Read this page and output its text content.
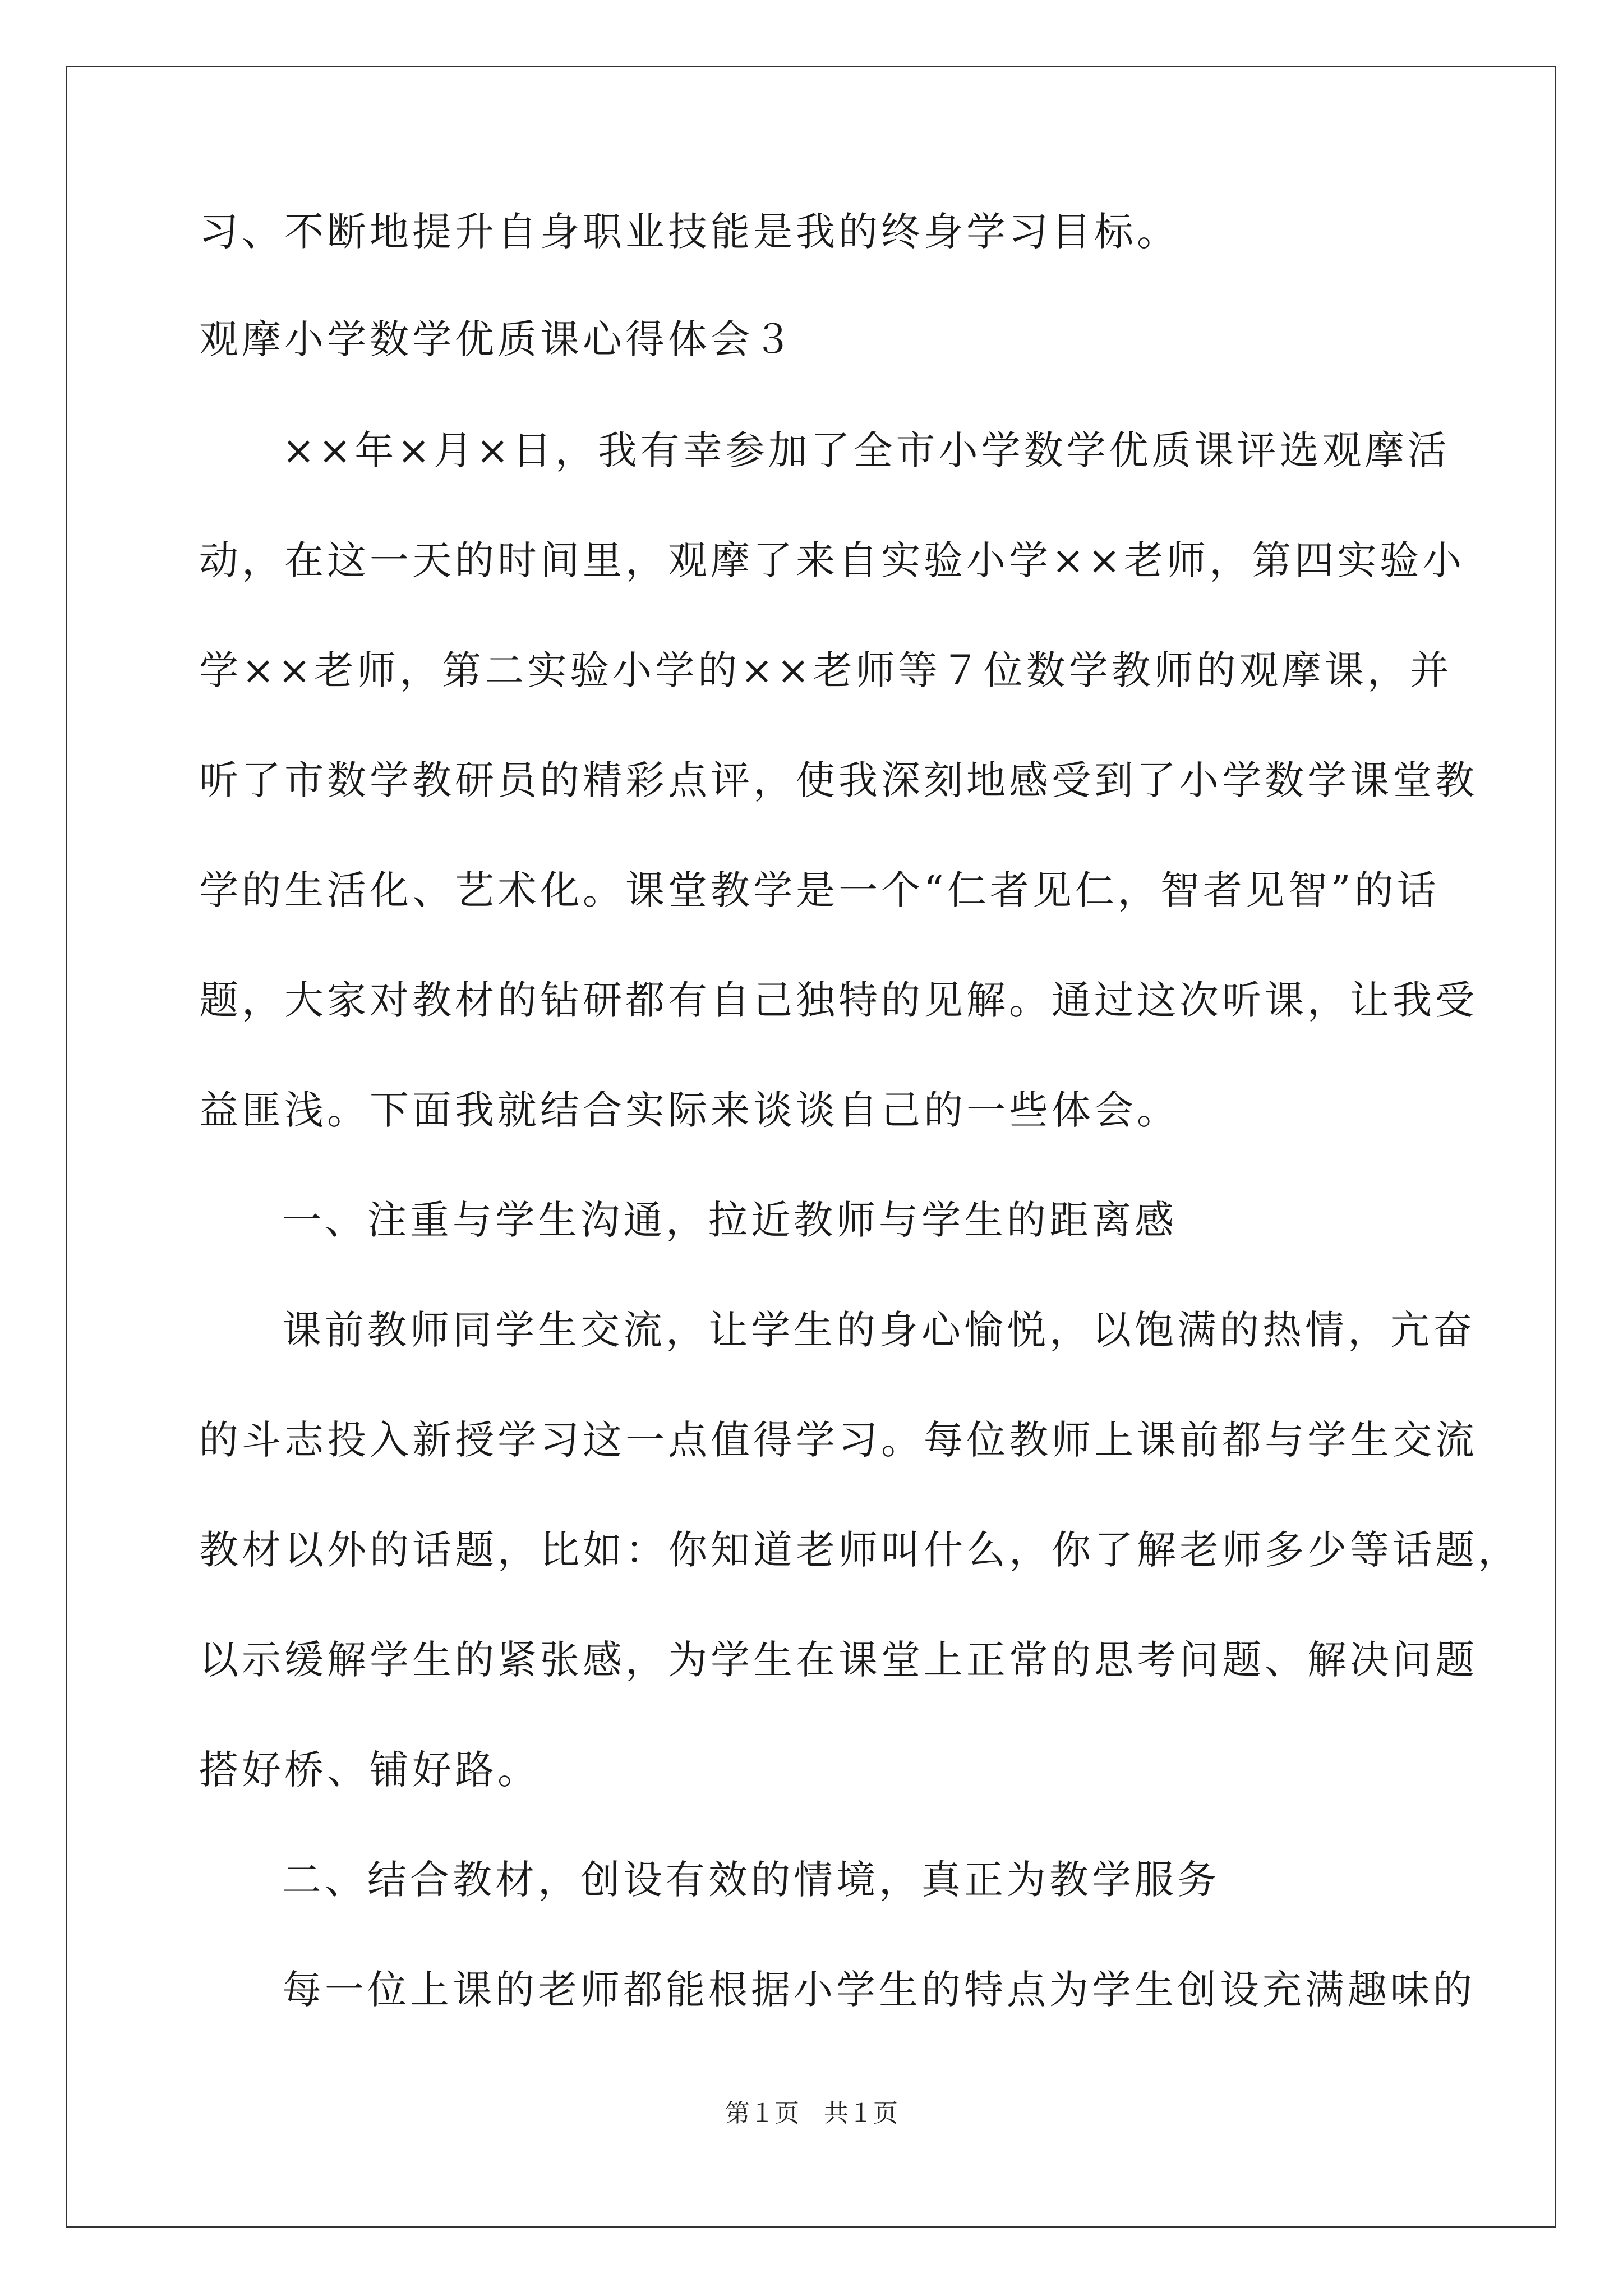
习、不断地提升自身职业技能是我的终身学习目标。
观摩小学数学优质课心得体会３
××年×月×日，我有幸参加了全市小学数学优质课评选观摩活
动，在这一天的时间里，观摩了来自实验小学××老师，第四实验小
学××老师，第二实验小学的××老师等７位数学教师的观摩课，并
听了市数学教研员的精彩点评，使我深刻地感受到了小学数学课堂教
学的生活化、艺术化。课堂教学是一个“仁者见仁，智者见智”的话
题，大家对教材的钻研都有自己独特的见解。通过这次听课，让我受
益匪浅。下面我就结合实际来谈谈自己的一些体会。
一、注重与学生沟通，拉近教师与学生的距离感
课前教师同学生交流，让学生的身心愉悦，以饱满的热情，亢奋
的斗志投入新授学习这一点值得学习。每位教师上课前都与学生交流
教材以外的话题，比如：你知道老师叫什么，你了解老师多少等话题，
以示缓解学生的紧张感，为学生在课堂上正常的思考问题、解决问题
搭好桥、铺好路。
二、结合教材，创设有效的情境，真正为教学服务
每一位上课的老师都能根据小学生的特点为学生创设充满趣味的
第１页　共１页
